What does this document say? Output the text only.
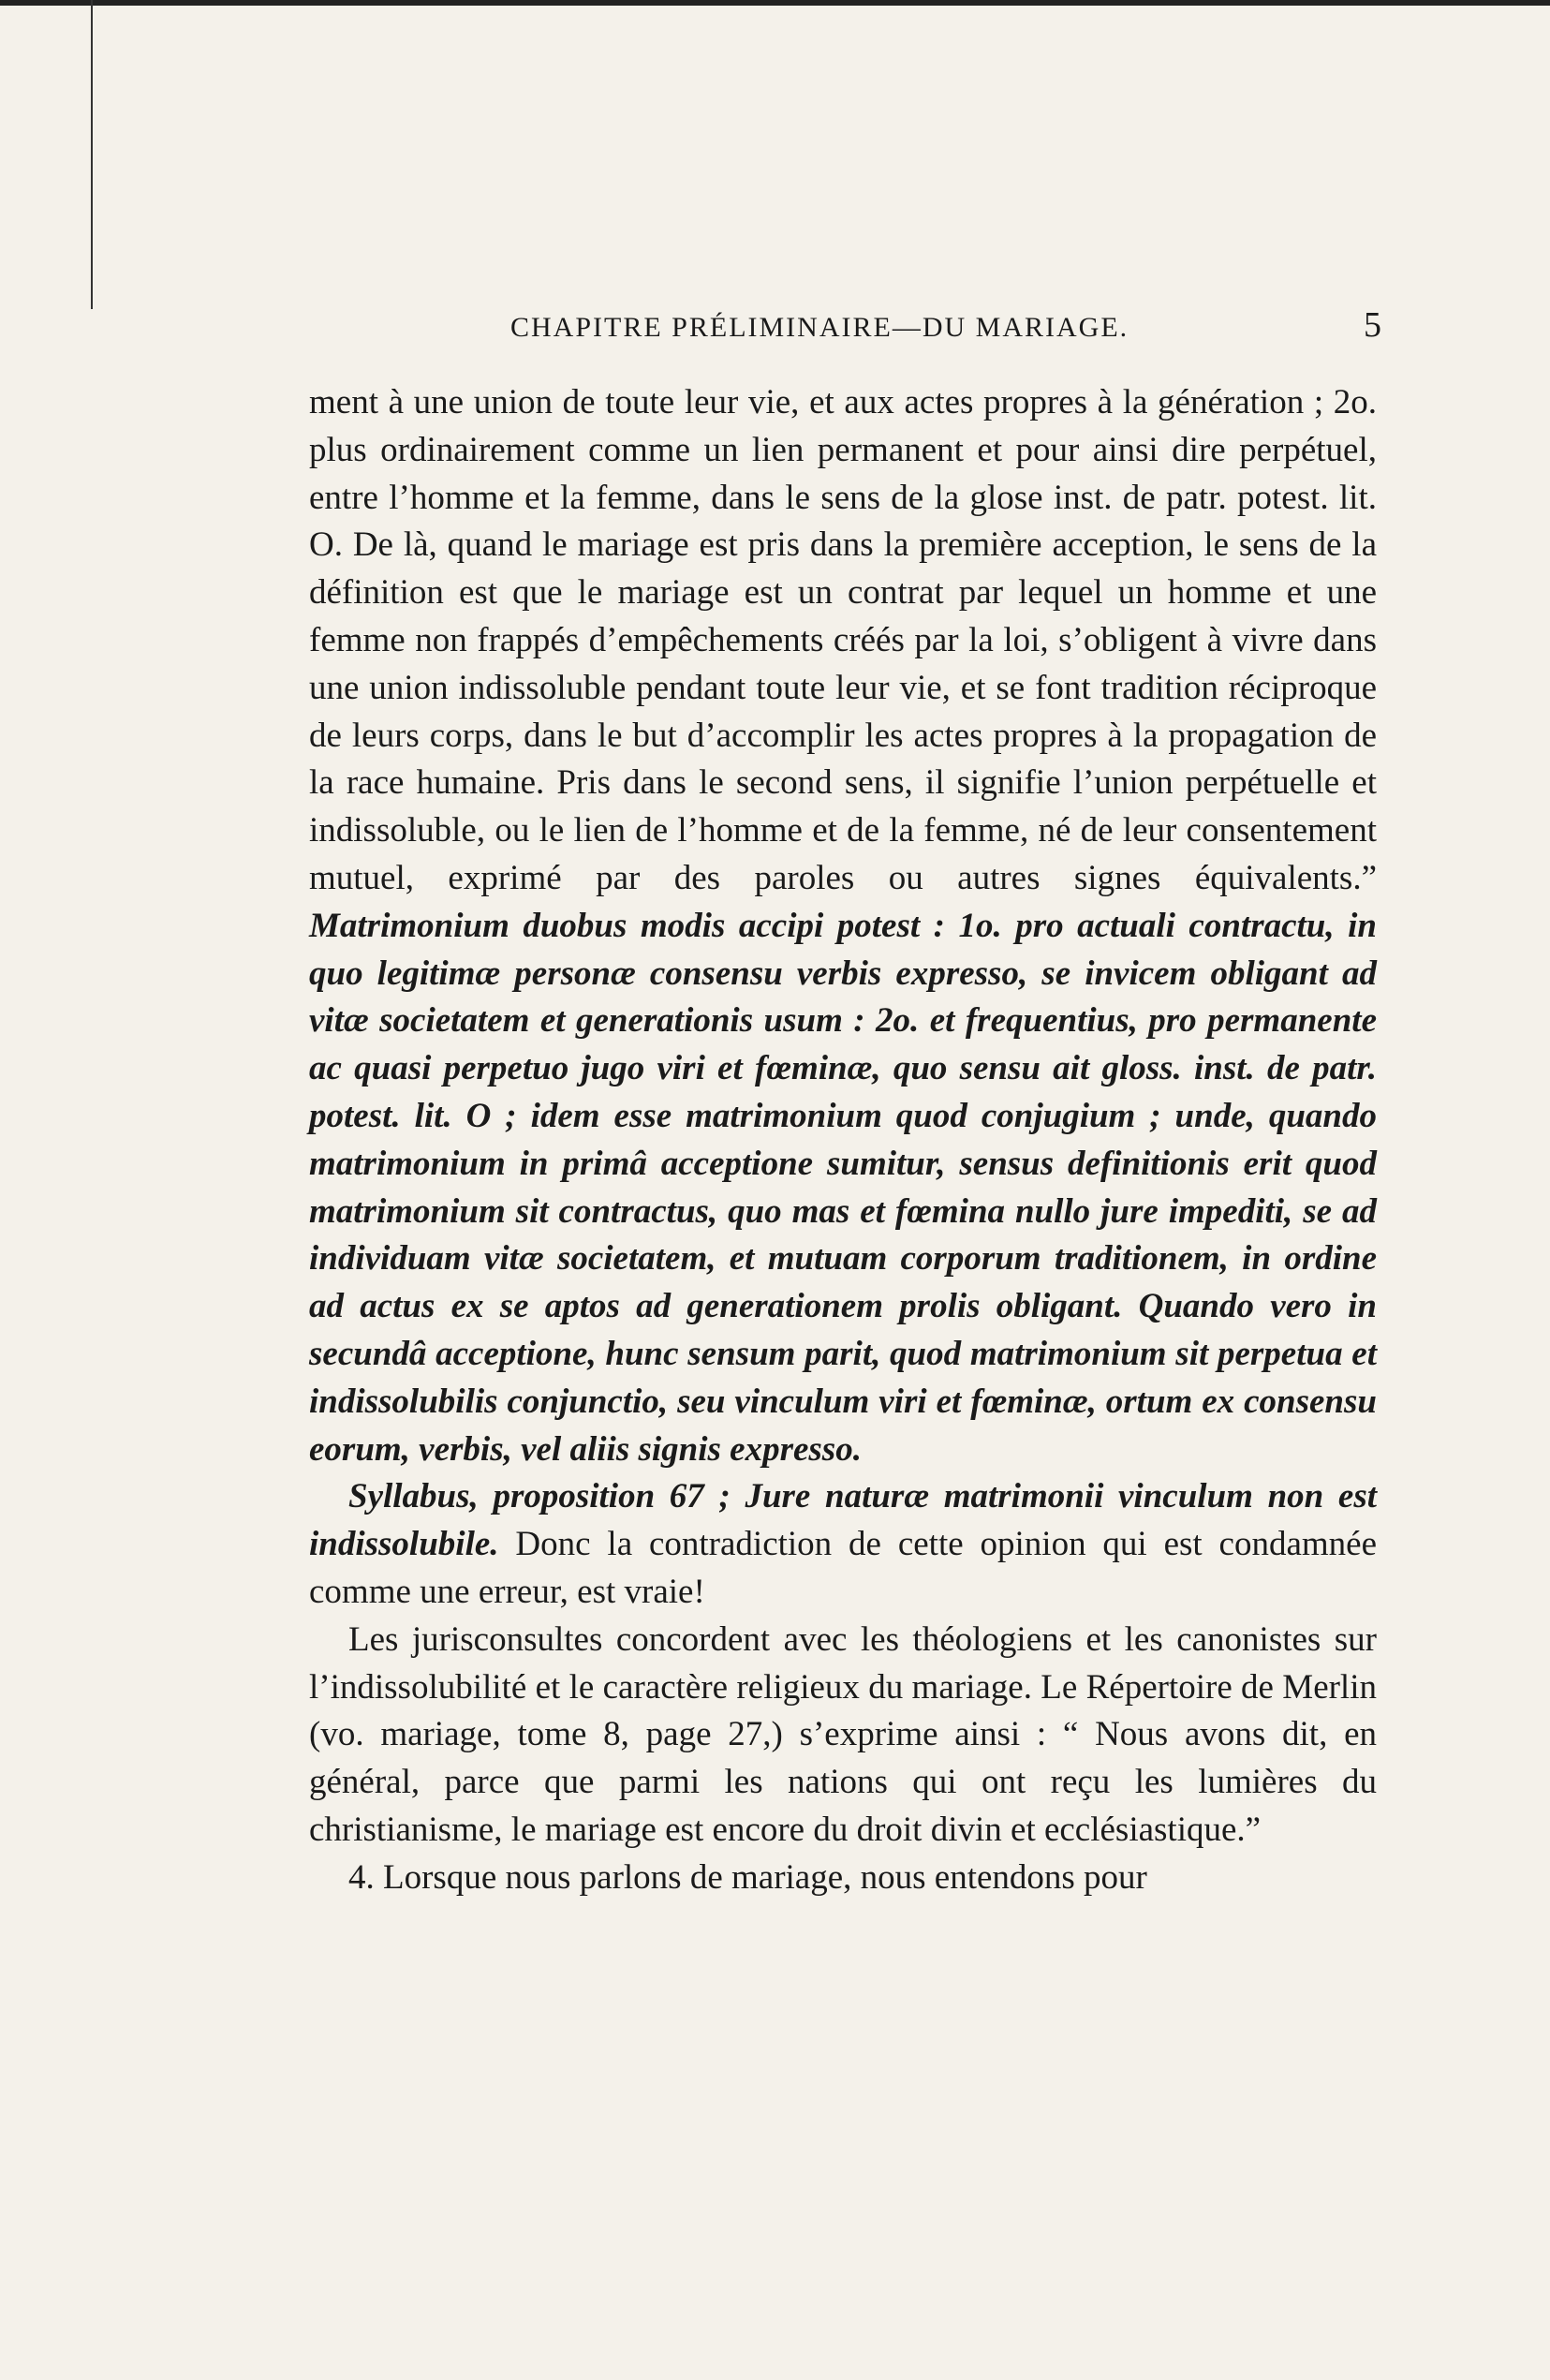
CHAPITRE PRÉLIMINAIRE—DU MARIAGE.	5

ment à une union de toute leur vie, et aux actes propres à la génération ; 2o. plus ordinairement comme un lien permanent et pour ainsi dire perpétuel, entre l’homme et la femme, dans le sens de la glose inst. de patr. potest. lit. O. De là, quand le mariage est pris dans la première acception, le sens de la définition est que le mariage est un contrat par lequel un homme et une femme non frappés d’empêchements créés par la loi, s’obligent à vivre dans une union indissoluble pendant toute leur vie, et se font tradition réciproque de leurs corps, dans le but d’accomplir les actes propres à la propagation de la race humaine. Pris dans le second sens, il signifie l’union perpétuelle et indissoluble, ou le lien de l’homme et de la femme, né de leur consentement mutuel, exprimé par des paroles ou autres signes équivalents.” Matrimonium duobus modis accipi potest : 1o. pro actuali contractu, in quo legitimæ personæ consensu verbis expresso, se invicem obligant ad vitæ societatem et generationis usum : 2o. et frequentius, pro permanente ac quasi perpetuo jugo viri et fœminæ, quo sensu ait gloss. inst. de patr. potest. lit. O ; idem esse matrimonium quod conjugium ; unde, quando matrimonium in primâ acceptione sumitur, sensus definitionis erit quod matrimonium sit contractus, quo mas et fœmina nullo jure impediti, se ad individuam vitæ societatem, et mutuam corporum traditionem, in ordine ad actus ex se aptos ad generationem prolis obligant. Quando vero in secundâ acceptione, hunc sensum parit, quod matrimonium sit perpetua et indissolubilis conjunctio, seu vinculum viri et fœminæ, ortum ex consensu eorum, verbis, vel aliis signis expresso.

Syllabus, proposition 67 ; Jure naturæ matrimonii vinculum non est indissolubile. Donc la contradiction de cette opinion qui est condamnée comme une erreur, est vraie!

Les jurisconsultes concordent avec les théologiens et les canonistes sur l’indissolubilité et le caractère religieux du mariage. Le Répertoire de Merlin (vo. mariage, tome 8, page 27,) s’exprime ainsi : “ Nous avons dit, en général, parce que parmi les nations qui ont reçu les lumières du christianisme, le mariage est encore du droit divin et ecclésiastique.”

4. Lorsque nous parlons de mariage, nous entendons pour
